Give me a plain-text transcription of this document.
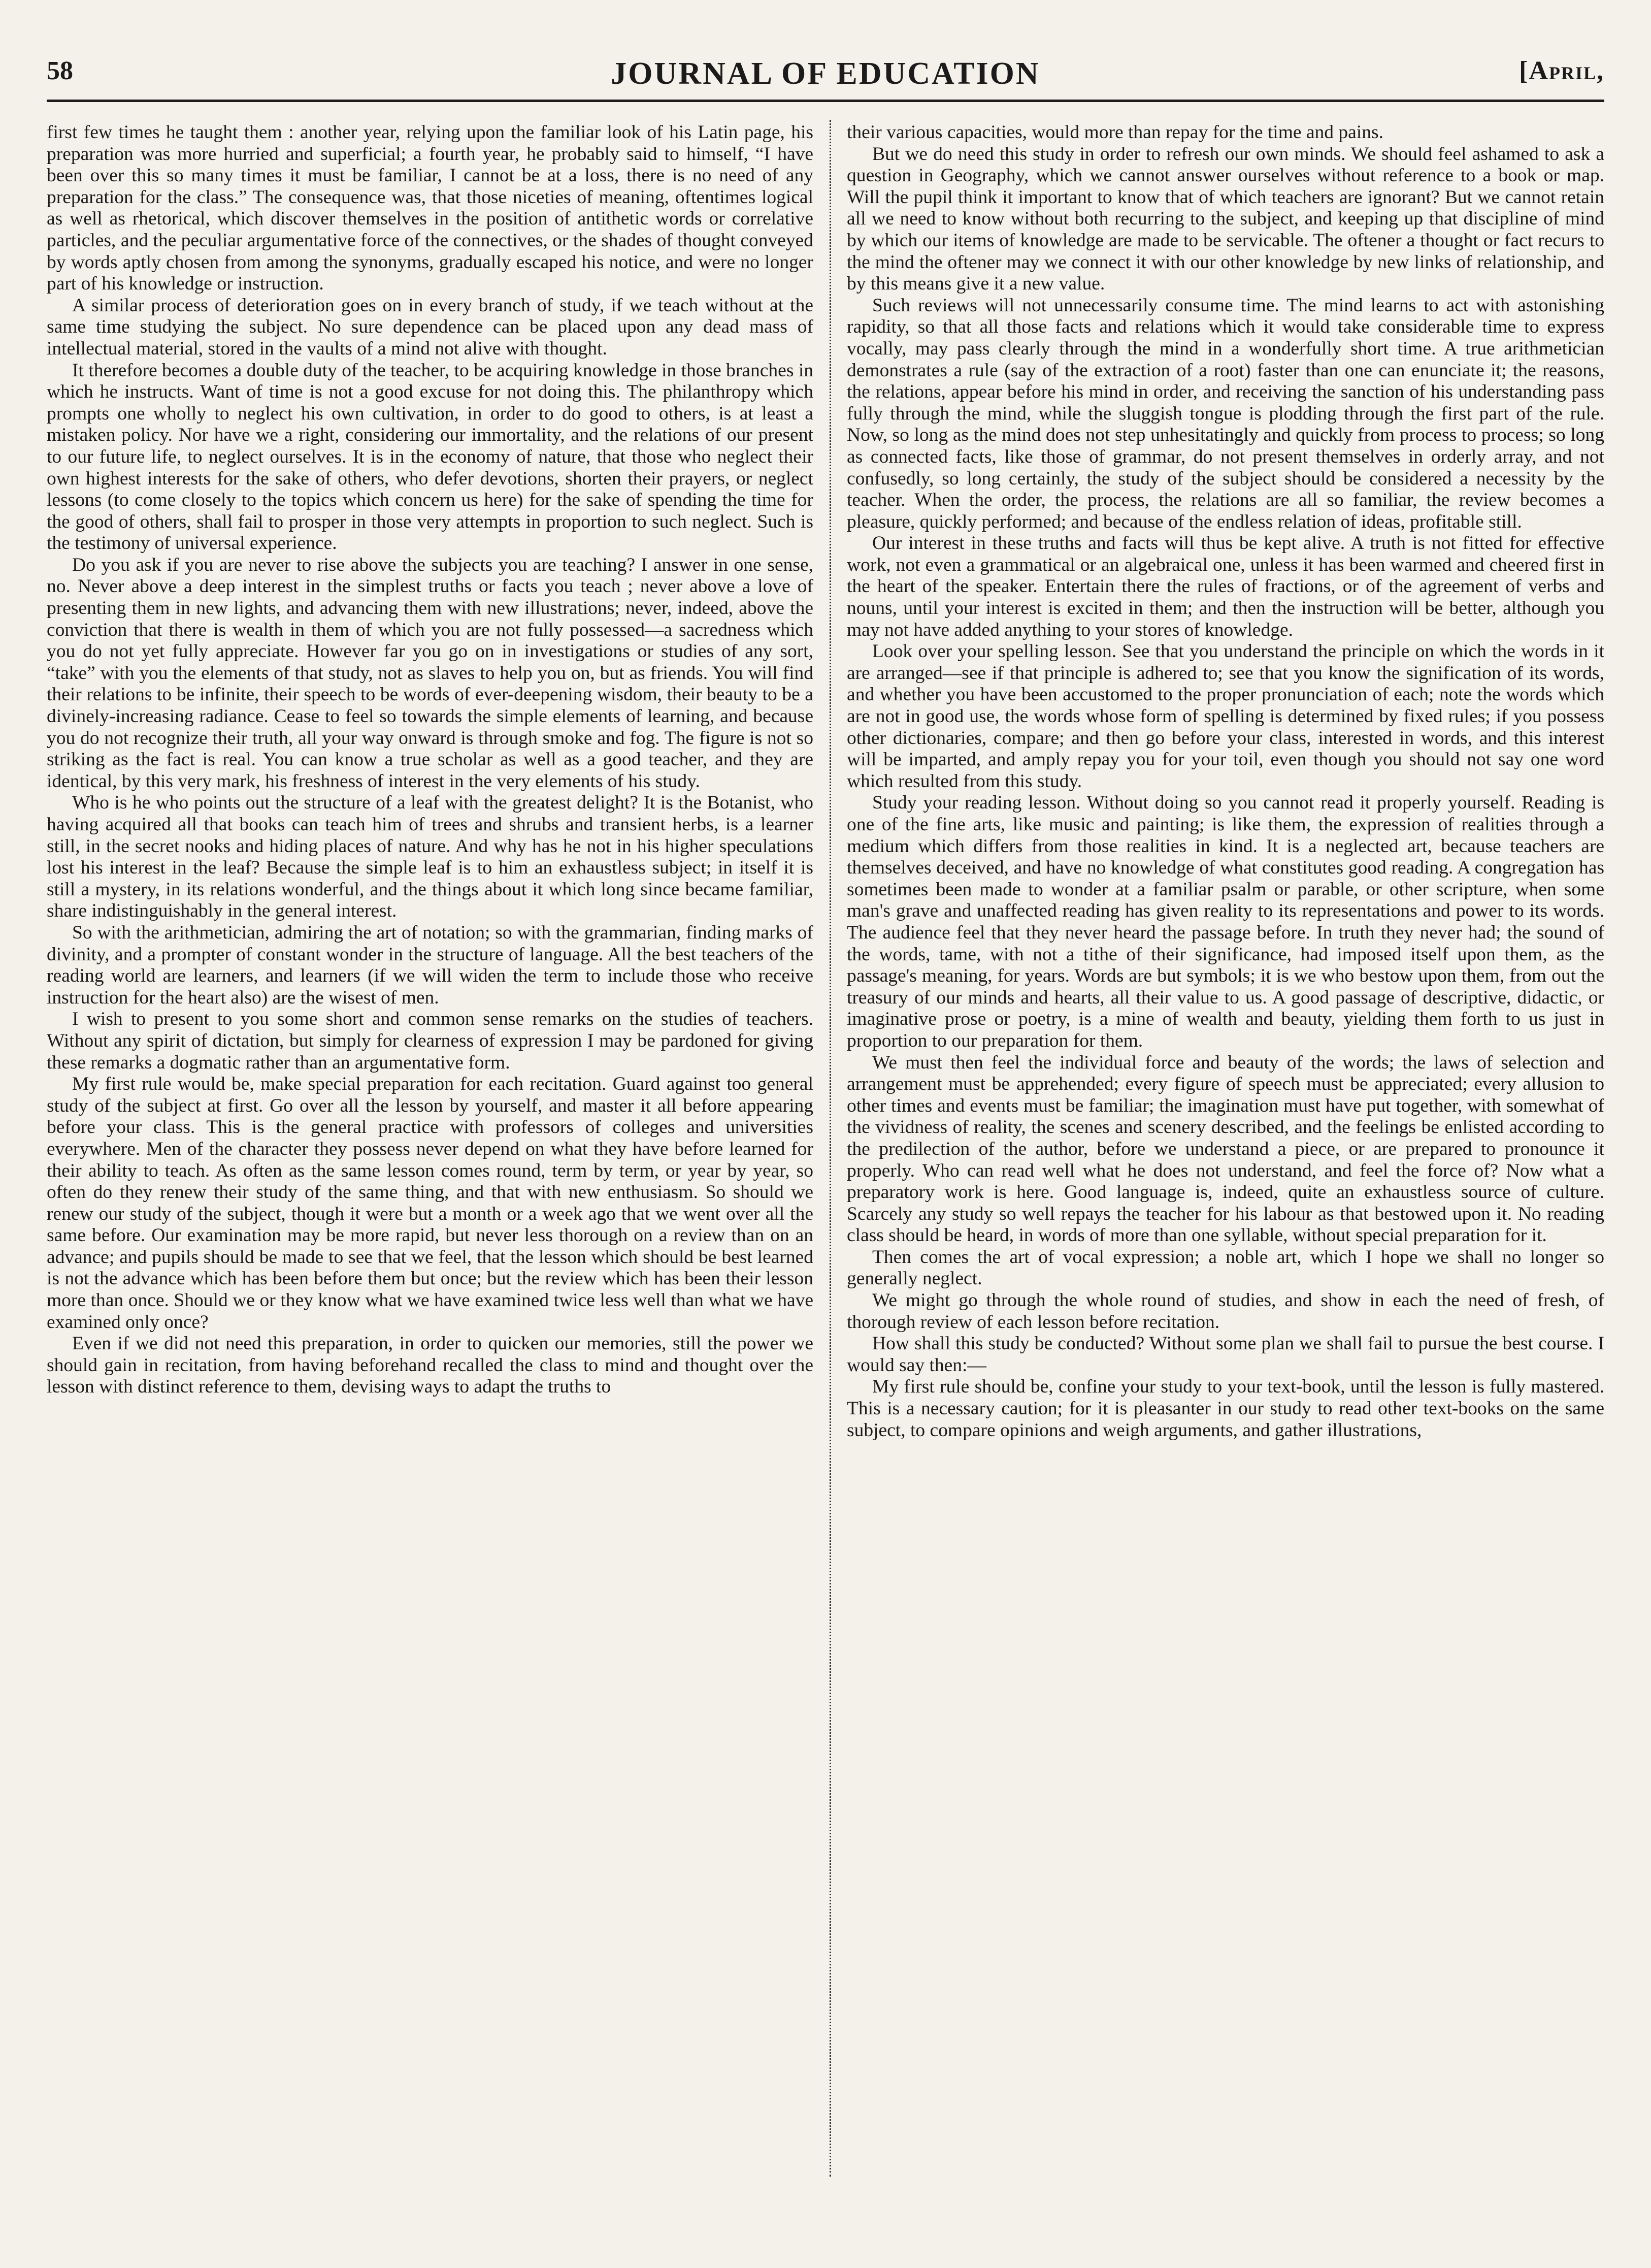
58	JOURNAL OF EDUCATION	[April,

first few times he taught them : another year, relying upon the familiar look of his Latin page, his preparation was more hurried and superficial; a fourth year, he probably said to himself, “I have been over this so many times it must be familiar, I cannot be at a loss, there is no need of any preparation for the class.” The consequence was, that those niceties of meaning, oftentimes logical as well as rhetorical, which discover themselves in the position of antithetic words or correlative particles, and the peculiar argumentative force of the connectives, or the shades of thought conveyed by words aptly chosen from among the synonyms, gradually escaped his notice, and were no longer part of his knowledge or instruction.

A similar process of deterioration goes on in every branch of study, if we teach without at the same time studying the subject. No sure dependence can be placed upon any dead mass of intellectual material, stored in the vaults of a mind not alive with thought.

It therefore becomes a double duty of the teacher, to be acquiring knowledge in those branches in which he instructs. Want of time is not a good excuse for not doing this. The philanthropy which prompts one wholly to neglect his own cultivation, in order to do good to others, is at least a mistaken policy. Nor have we a right, considering our immortality, and the relations of our present to our future life, to neglect ourselves. It is in the economy of nature, that those who neglect their own highest interests for the sake of others, who defer devotions, shorten their prayers, or neglect lessons (to come closely to the topics which concern us here) for the sake of spending the time for the good of others, shall fail to prosper in those very attempts in proportion to such neglect. Such is the testimony of universal experience.

Do you ask if you are never to rise above the subjects you are teaching? I answer in one sense, no. Never above a deep interest in the simplest truths or facts you teach ; never above a love of presenting them in new lights, and advancing them with new illustrations; never, indeed, above the conviction that there is wealth in them of which you are not fully possessed—a sacredness which you do not yet fully appreciate. However far you go on in investigations or studies of any sort, “take” with you the elements of that study, not as slaves to help you on, but as friends. You will find their relations to be infinite, their speech to be words of ever-deepening wisdom, their beauty to be a divinely-increasing radiance. Cease to feel so towards the simple elements of learning, and because you do not recognize their truth, all your way onward is through smoke and fog. The figure is not so striking as the fact is real. You can know a true scholar as well as a good teacher, and they are identical, by this very mark, his freshness of interest in the very elements of his study.

Who is he who points out the structure of a leaf with the greatest delight? It is the Botanist, who having acquired all that books can teach him of trees and shrubs and transient herbs, is a learner still, in the secret nooks and hiding places of nature. And why has he not in his higher speculations lost his interest in the leaf? Because the simple leaf is to him an exhaustless subject; in itself it is still a mystery, in its relations wonderful, and the things about it which long since became familiar, share indistinguishably in the general interest.

So with the arithmetician, admiring the art of notation; so with the grammarian, finding marks of divinity, and a prompter of constant wonder in the structure of language. All the best teachers of the reading world are learners, and learners (if we will widen the term to include those who receive instruction for the heart also) are the wisest of men.

I wish to present to you some short and common sense remarks on the studies of teachers. Without any spirit of dictation, but simply for clearness of expression I may be pardoned for giving these remarks a dogmatic rather than an argumentative form.

My first rule would be, make special preparation for each recitation. Guard against too general study of the subject at first. Go over all the lesson by yourself, and master it all before appearing before your class. This is the general practice with professors of colleges and universities everywhere. Men of the character they possess never depend on what they have before learned for their ability to teach. As often as the same lesson comes round, term by term, or year by year, so often do they renew their study of the same thing, and that with new enthusiasm. So should we renew our study of the subject, though it were but a month or a week ago that we went over all the same before. Our examination may be more rapid, but never less thorough on a review than on an advance; and pupils should be made to see that we feel, that the lesson which should be best learned is not the advance which has been before them but once; but the review which has been their lesson more than once. Should we or they know what we have examined twice less well than what we have examined only once?

Even if we did not need this preparation, in order to quicken our memories, still the power we should gain in recitation, from having beforehand recalled the class to mind and thought over the lesson with distinct reference to them, devising ways to adapt the truths to

their various capacities, would more than repay for the time and pains.

But we do need this study in order to refresh our own minds. We should feel ashamed to ask a question in Geography, which we cannot answer ourselves without reference to a book or map. Will the pupil think it important to know that of which teachers are ignorant? But we cannot retain all we need to know without both recurring to the subject, and keeping up that discipline of mind by which our items of knowledge are made to be servicable. The oftener a thought or fact recurs to the mind the oftener may we connect it with our other knowledge by new links of relationship, and by this means give it a new value.

Such reviews will not unnecessarily consume time. The mind learns to act with astonishing rapidity, so that all those facts and relations which it would take considerable time to express vocally, may pass clearly through the mind in a wonderfully short time. A true arithmetician demonstrates a rule (say of the extraction of a root) faster than one can enunciate it; the reasons, the relations, appear before his mind in order, and receiving the sanction of his understanding pass fully through the mind, while the sluggish tongue is plodding through the first part of the rule. Now, so long as the mind does not step unhesitatingly and quickly from process to process; so long as connected facts, like those of grammar, do not present themselves in orderly array, and not confusedly, so long certainly, the study of the subject should be considered a necessity by the teacher. When the order, the process, the relations are all so familiar, the review becomes a pleasure, quickly performed; and because of the endless relation of ideas, profitable still.

Our interest in these truths and facts will thus be kept alive. A truth is not fitted for effective work, not even a grammatical or an algebraical one, unless it has been warmed and cheered first in the heart of the speaker. Entertain there the rules of fractions, or of the agreement of verbs and nouns, until your interest is excited in them; and then the instruction will be better, although you may not have added anything to your stores of knowledge.

Look over your spelling lesson. See that you understand the principle on which the words in it are arranged—see if that principle is adhered to; see that you know the signification of its words, and whether you have been accustomed to the proper pronunciation of each; note the words which are not in good use, the words whose form of spelling is determined by fixed rules; if you possess other dictionaries, compare; and then go before your class, interested in words, and this interest will be imparted, and amply repay you for your toil, even though you should not say one word which resulted from this study.

Study your reading lesson. Without doing so you cannot read it properly yourself. Reading is one of the fine arts, like music and painting; is like them, the expression of realities through a medium which differs from those realities in kind. It is a neglected art, because teachers are themselves deceived, and have no knowledge of what constitutes good reading. A congregation has sometimes been made to wonder at a familiar psalm or parable, or other scripture, when some man's grave and unaffected reading has given reality to its representations and power to its words. The audience feel that they never heard the passage before. In truth they never had; the sound of the words, tame, with not a tithe of their significance, had imposed itself upon them, as the passage's meaning, for years. Words are but symbols; it is we who bestow upon them, from out the treasury of our minds and hearts, all their value to us. A good passage of descriptive, didactic, or imaginative prose or poetry, is a mine of wealth and beauty, yielding them forth to us just in proportion to our preparation for them.

We must then feel the individual force and beauty of the words; the laws of selection and arrangement must be apprehended; every figure of speech must be appreciated; every allusion to other times and events must be familiar; the imagination must have put together, with somewhat of the vividness of reality, the scenes and scenery described, and the feelings be enlisted according to the predilection of the author, before we understand a piece, or are prepared to pronounce it properly. Who can read well what he does not understand, and feel the force of? Now what a preparatory work is here. Good language is, indeed, quite an exhaustless source of culture. Scarcely any study so well repays the teacher for his labour as that bestowed upon it. No reading class should be heard, in words of more than one syllable, without special preparation for it.

Then comes the art of vocal expression; a noble art, which I hope we shall no longer so generally neglect.

We might go through the whole round of studies, and show in each the need of fresh, of thorough review of each lesson before recitation.

How shall this study be conducted? Without some plan we shall fail to pursue the best course. I would say then:—

My first rule should be, confine your study to your text-book, until the lesson is fully mastered. This is a necessary caution; for it is pleasanter in our study to read other text-books on the same subject, to compare opinions and weigh arguments, and gather illustrations,
